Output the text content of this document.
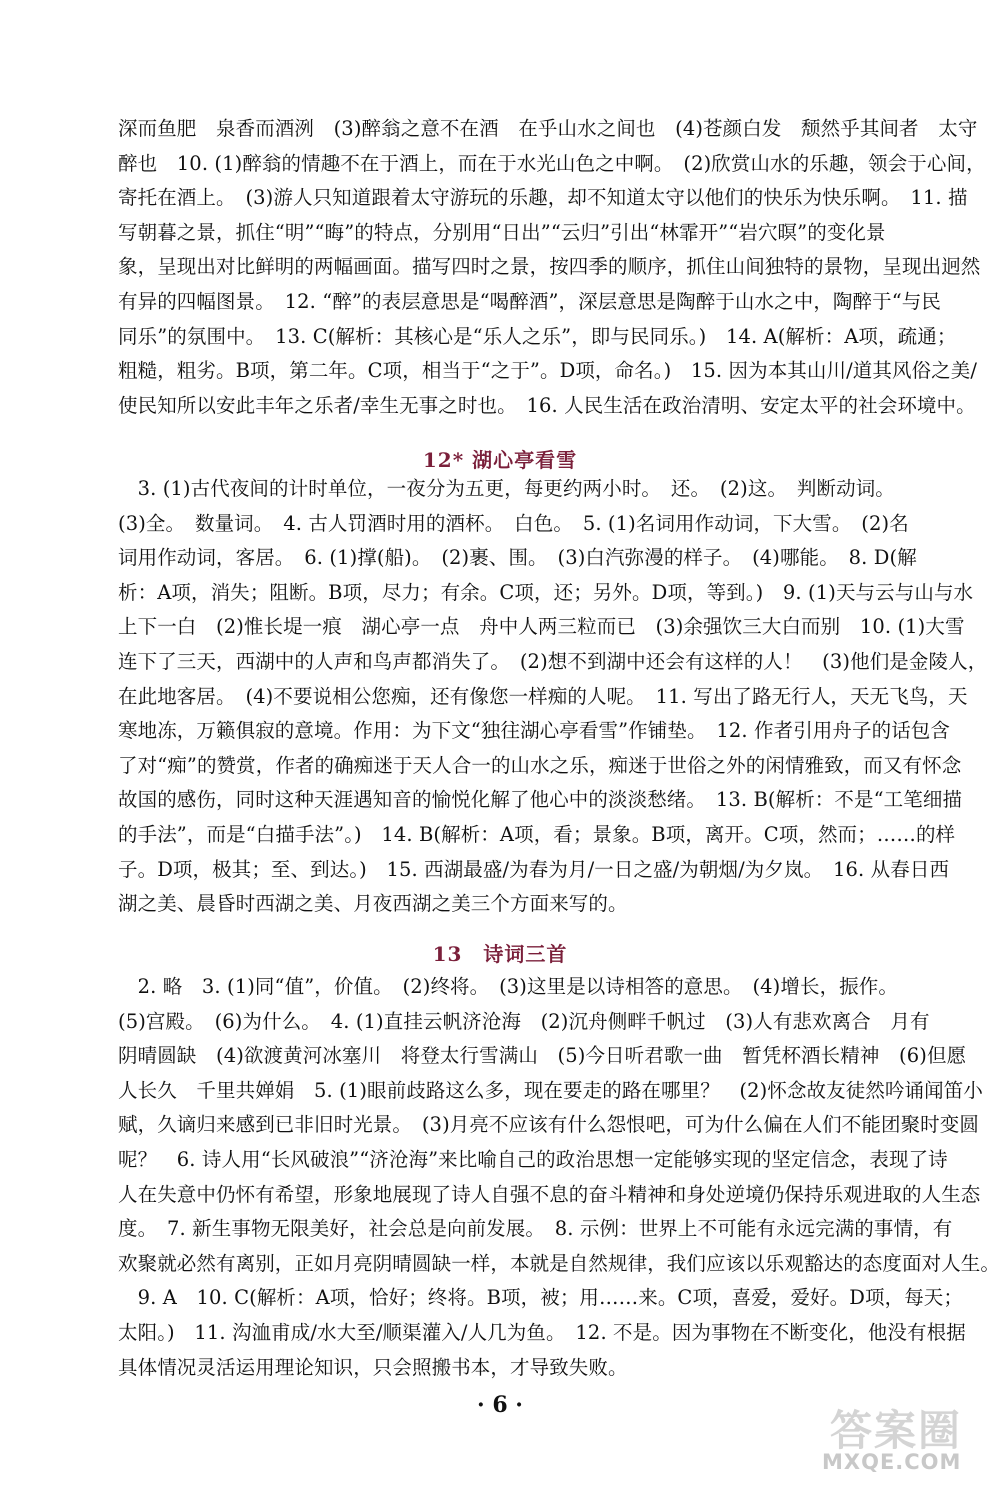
深而鱼肥　泉香而酒洌　(3)醉翁之意不在酒　在乎山水之间也　(4)苍颜白发　颓然乎其间者　太守

醉也　10. (1)醉翁的情趣不在于酒上，而在于水光山色之中啊。　(2)欣赏山水的乐趣，领会于心间，

寄托在酒上。　(3)游人只知道跟着太守游玩的乐趣，却不知道太守以他们的快乐为快乐啊。　11. 描

写朝暮之景，抓住“明”“晦”的特点，分别用“日出”“云归”引出“林霏开”“岩穴暝”的变化景

象，呈现出对比鲜明的两幅画面。描写四时之景，按四季的顺序，抓住山间独特的景物，呈现出迥然

有异的四幅图景。　12. “醉”的表层意思是“喝醉酒”，深层意思是陶醉于山水之中，陶醉于“与民

同乐”的氛围中。　13. C(解析：其核心是“乐人之乐”，即与民同乐。)　14. A(解析：A项，疏通；

粗糙，粗劣。B项，第二年。C项，相当于“之于”。D项，命名。)　15. 因为本其山川/道其风俗之美/

使民知所以安此丰年之乐者/幸生无事之时也。　16. 人民生活在政治清明、安定太平的社会环境中。

12* 湖心亭看雪

　3. (1)古代夜间的计时单位，一夜分为五更，每更约两小时。　还。　(2)这。　判断动词。

(3)全。　数量词。　4. 古人罚酒时用的酒杯。　白色。　5. (1)名词用作动词，下大雪。　(2)名

词用作动词，客居。　6. (1)撑(船)。　(2)裹、围。　(3)白汽弥漫的样子。　(4)哪能。　8. D(解

析：A项，消失；阻断。B项，尽力；有余。C项，还；另外。D项，等到。)　9. (1)天与云与山与水

上下一白　(2)惟长堤一痕　湖心亭一点　舟中人两三粒而已　(3)余强饮三大白而别　10. (1)大雪

连下了三天，西湖中的人声和鸟声都消失了。　(2)想不到湖中还会有这样的人！　(3)他们是金陵人，

在此地客居。　(4)不要说相公您痴，还有像您一样痴的人呢。　11. 写出了路无行人，天无飞鸟，天

寒地冻，万籁俱寂的意境。作用：为下文“独往湖心亭看雪”作铺垫。　12. 作者引用舟子的话包含

了对“痴”的赞赏，作者的确痴迷于天人合一的山水之乐，痴迷于世俗之外的闲情雅致，而又有怀念

故国的感伤，同时这种天涯遇知音的愉悦化解了他心中的淡淡愁绪。　13. B(解析：不是“工笔细描

的手法”，而是“白描手法”。)　14. B(解析：A项，看；景象。B项，离开。C项，然而；……的样

子。D项，极其；至、到达。)　15. 西湖最盛/为春为月/一日之盛/为朝烟/为夕岚。　16. 从春日西

湖之美、晨昏时西湖之美、月夜西湖之美三个方面来写的。

13　诗词三首

　2. 略　3. (1)同“值”，价值。　(2)终将。　(3)这里是以诗相答的意思。　(4)增长，振作。

(5)宫殿。　(6)为什么。　4. (1)直挂云帆济沧海　(2)沉舟侧畔千帆过　(3)人有悲欢离合　月有

阴晴圆缺　(4)欲渡黄河冰塞川　将登太行雪满山　(5)今日听君歌一曲　暂凭杯酒长精神　(6)但愿

人长久　千里共婵娟　5. (1)眼前歧路这么多，现在要走的路在哪里？　(2)怀念故友徒然吟诵闻笛小

赋，久谪归来感到已非旧时光景。　(3)月亮不应该有什么怨恨吧，可为什么偏在人们不能团聚时变圆

呢？　6. 诗人用“长风破浪”“济沧海”来比喻自己的政治思想一定能够实现的坚定信念，表现了诗

人在失意中仍怀有希望，形象地展现了诗人自强不息的奋斗精神和身处逆境仍保持乐观进取的人生态

度。　7. 新生事物无限美好，社会总是向前发展。　8. 示例：世界上不可能有永远完满的事情，有

欢聚就必然有离别，正如月亮阴晴圆缺一样，本就是自然规律，我们应该以乐观豁达的态度面对人生。

　9. A　10. C(解析：A项，恰好；终将。B项，被；用……来。C项，喜爱，爱好。D项，每天；

太阳。)　11. 沟洫甫成/水大至/顺渠灌入/人几为鱼。　12. 不是。因为事物在不断变化，他没有根据

具体情况灵活运用理论知识，只会照搬书本，才导致失败。

· 6 ·
答案圈
MXQE.COM
